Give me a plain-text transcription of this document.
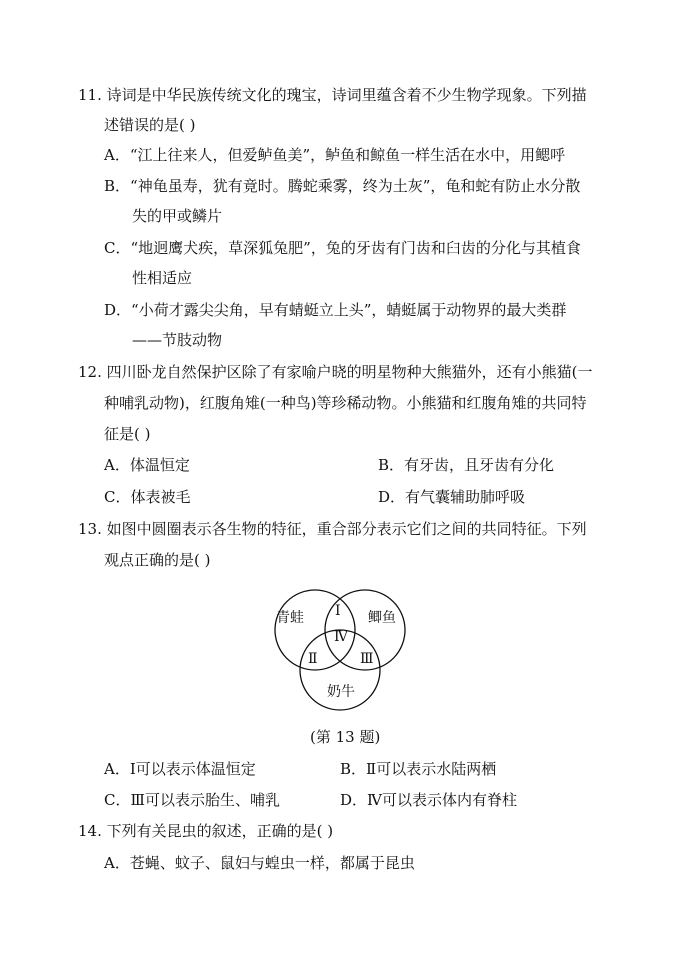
11. 诗词是中华民族传统文化的瑰宝，诗词里蕴含着不少生物学现象。下列描
述错误的是( )
A．“江上往来人，但爱鲈鱼美”，鲈鱼和鲸鱼一样生活在水中，用鳃呼
B．“神龟虽寿，犹有竟时。腾蛇乘雾，终为土灰”，龟和蛇有防止水分散
失的甲或鳞片
C．“地迥鹰犬疾，草深狐兔肥”，兔的牙齿有门齿和臼齿的分化与其植食
性相适应
D．“小荷才露尖尖角，早有蜻蜓立上头”，蜻蜓属于动物界的最大类群
——节肢动物
12. 四川卧龙自然保护区除了有家喻户晓的明星物种大熊猫外，还有小熊猫(一
种哺乳动物)，红腹角雉(一种鸟)等珍稀动物。小熊猫和红腹角雉的共同特
征是( )
A．体温恒定	B．有牙齿，且牙齿有分化
C．体表被毛	D．有气囊辅助肺呼吸
13. 如图中圆圈表示各生物的特征，重合部分表示它们之间的共同特征。下列
观点正确的是( )
青蛙	鲫鱼
奶牛
Ⅰ
Ⅱ	Ⅲ
Ⅳ
(第 13 题)
A．Ⅰ可以表示体温恒定	B．Ⅱ可以表示水陆两栖
C．Ⅲ可以表示胎生、哺乳	D．Ⅳ可以表示体内有脊柱
14. 下列有关昆虫的叙述，正确的是( )
A．苍蝇、蚊子、鼠妇与蝗虫一样，都属于昆虫
